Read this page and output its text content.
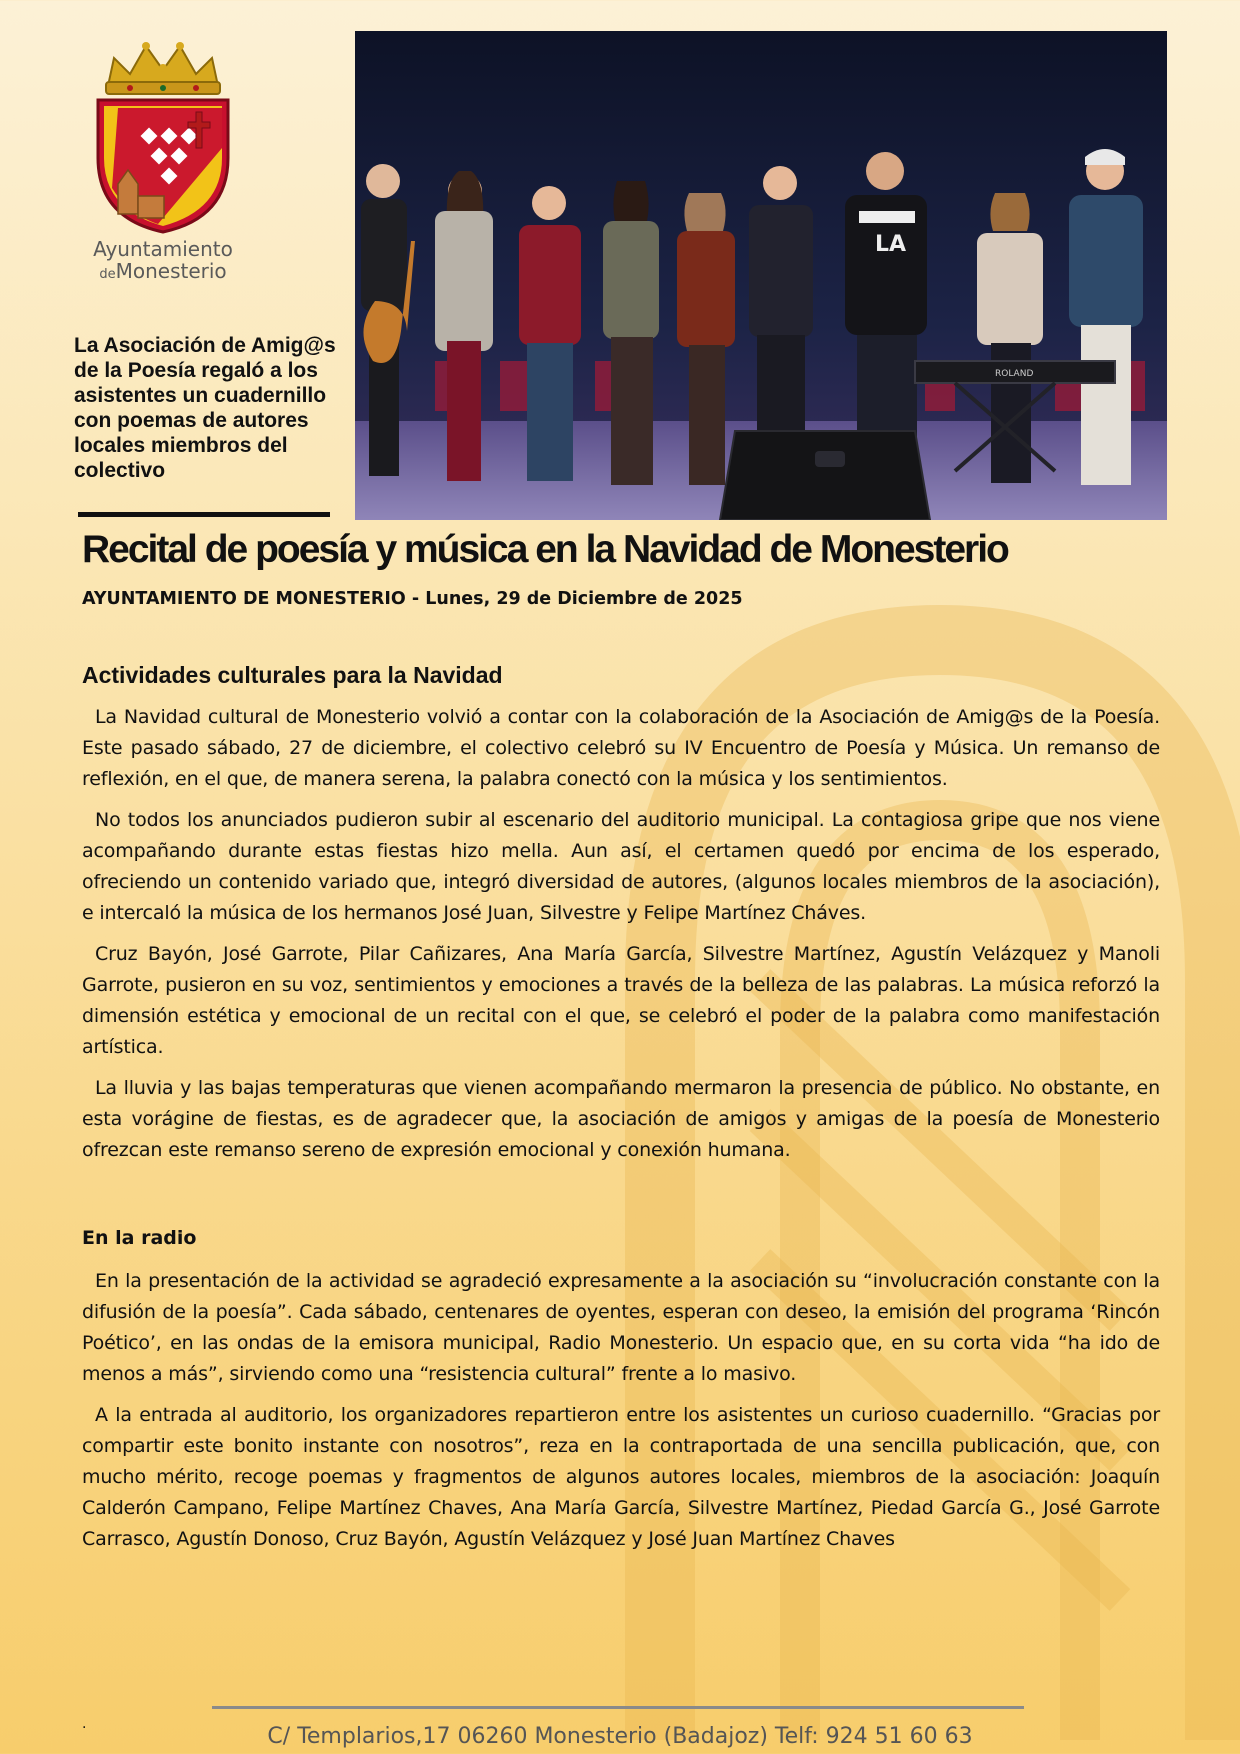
Ayuntamiento
deMonesterio

La Asociación de Amig@s de la Poesía regaló a los asistentes un cuadernillo con poemas de autores locales miembros del colectivo

LA
ROLAND
Recital de poesía y música en la Navidad de Monesterio

AYUNTAMIENTO DE MONESTERIO - Lunes, 29 de Diciembre de 2025

Actividades culturales para la Navidad

La Navidad cultural de Monesterio volvió a contar con la colaboración de la Asociación de Amig@s de la Poesía. Este pasado sábado, 27 de diciembre, el colectivo celebró su IV Encuentro de Poesía y Música. Un remanso de reflexión, en el que, de manera serena, la palabra conectó con la música y los sentimientos.

No todos los anunciados pudieron subir al escenario del auditorio municipal. La contagiosa gripe que nos viene acompañando durante estas fiestas hizo mella. Aun así, el certamen quedó por encima de los esperado, ofreciendo un contenido variado que, integró diversidad de autores, (algunos locales miembros de la asociación), e intercaló la música de los hermanos José Juan, Silvestre y Felipe Martínez Cháves.

Cruz Bayón, José Garrote, Pilar Cañizares, Ana María García, Silvestre Martínez, Agustín Velázquez y Manoli Garrote, pusieron en su voz, sentimientos y emociones a través de la belleza de las palabras. La música reforzó la dimensión estética y emocional de un recital con el que, se celebró el poder de la palabra como manifestación artística.

La lluvia y las bajas temperaturas que vienen acompañando mermaron la presencia de público. No obstante, en esta vorágine de fiestas, es de agradecer que, la asociación de amigos y amigas de la poesía de Monesterio ofrezcan este remanso sereno de expresión emocional y conexión humana.

En la radio

En la presentación de la actividad se agradeció expresamente a la asociación su “involucración constante con la difusión de la poesía”. Cada sábado, centenares de oyentes, esperan con deseo, la emisión del programa ‘Rincón Poético’, en las ondas de la emisora municipal, Radio Monesterio. Un espacio que, en su corta vida “ha ido de menos a más”, sirviendo como una “resistencia cultural” frente a lo masivo.

A la entrada al auditorio, los organizadores repartieron entre los asistentes un curioso cuadernillo. “Gracias por compartir este bonito instante con nosotros”, reza en la contraportada de una sencilla publicación, que, con mucho mérito, recoge poemas y fragmentos de algunos autores locales, miembros de la asociación: Joaquín Calderón Campano, Felipe Martínez Chaves, Ana María García, Silvestre Martínez, Piedad García G., José Garrote Carrasco, Agustín Donoso, Cruz Bayón, Agustín Velázquez y José Juan Martínez Chaves

.	C/ Templarios,17 06260 Monesterio (Badajoz) Telf: 924 51 60 63
